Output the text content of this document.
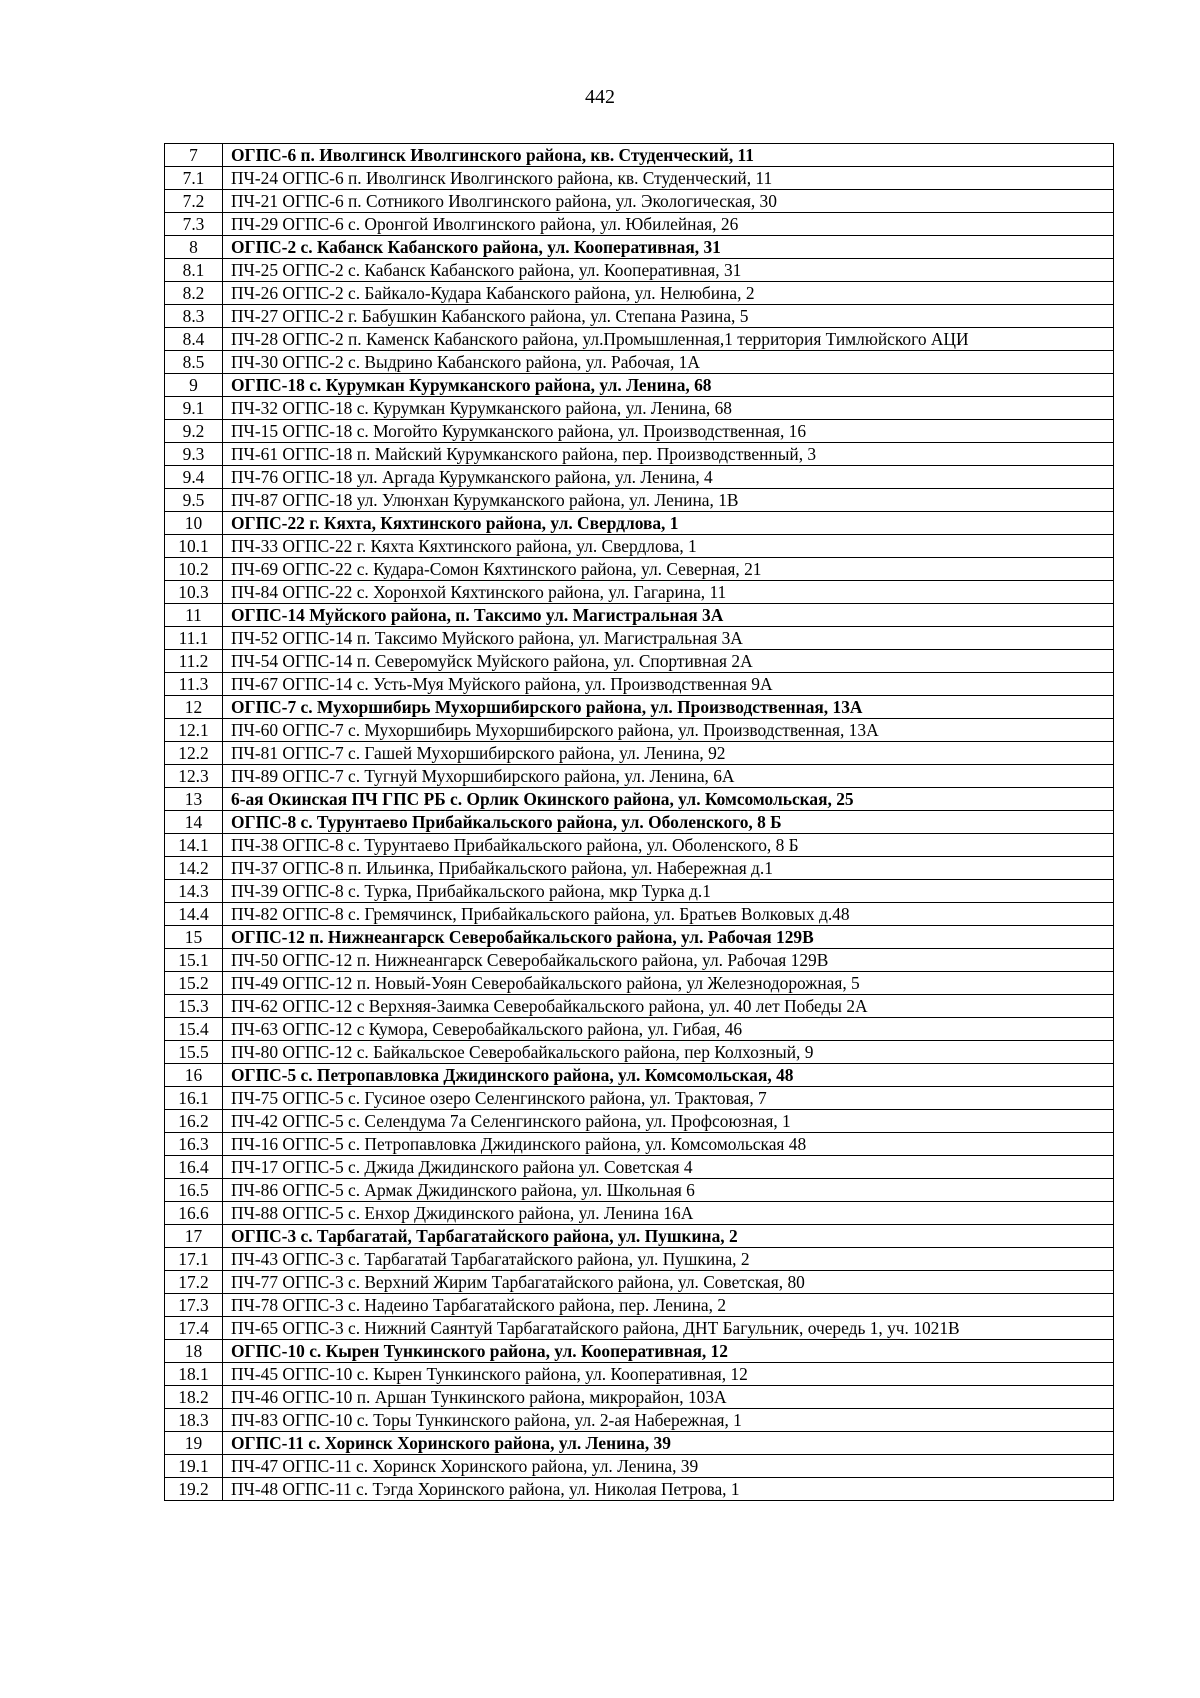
442
7	ОГПС-6 п. Иволгинск Иволгинского района, кв. Студенческий, 11
7.1	ПЧ-24 ОГПС-6 п. Иволгинск Иволгинского района, кв. Студенческий, 11
7.2	ПЧ-21 ОГПС-6 п. Сотникого Иволгинского района, ул. Экологическая, 30
7.3	ПЧ-29 ОГПС-6 с. Оронгой Иволгинского района, ул. Юбилейная, 26
8	ОГПС-2 с. Кабанск Кабанского района, ул. Кооперативная, 31
8.1	ПЧ-25 ОГПС-2 с. Кабанск Кабанского района, ул. Кооперативная, 31
8.2	ПЧ-26 ОГПС-2 с. Байкало-Кудара Кабанского района, ул. Нелюбина, 2
8.3	ПЧ-27 ОГПС-2 г. Бабушкин Кабанского района, ул. Степана Разина, 5
8.4	ПЧ-28 ОГПС-2 п. Каменск Кабанского района, ул.Промышленная,1 территория Тимлюйского АЦИ
8.5	ПЧ-30 ОГПС-2 с. Выдрино Кабанского района, ул. Рабочая, 1А
9	ОГПС-18 с. Курумкан Курумканского района, ул. Ленина, 68
9.1	ПЧ-32 ОГПС-18 с. Курумкан Курумканского района, ул. Ленина, 68
9.2	ПЧ-15 ОГПС-18 с. Могойто Курумканского района, ул. Производственная, 16
9.3	ПЧ-61 ОГПС-18 п. Майский Курумканского района, пер. Производственный, 3
9.4	ПЧ-76 ОГПС-18 ул. Аргада Курумканского района, ул. Ленина, 4
9.5	ПЧ-87 ОГПС-18 ул. Улюнхан Курумканского района, ул. Ленина, 1В
10	ОГПС-22 г. Кяхта, Кяхтинского района, ул. Свердлова, 1
10.1	ПЧ-33 ОГПС-22 г. Кяхта Кяхтинского района, ул. Свердлова, 1
10.2	ПЧ-69 ОГПС-22 с. Кудара-Сомон Кяхтинского района, ул. Северная, 21
10.3	ПЧ-84 ОГПС-22 с. Хоронхой Кяхтинского района, ул. Гагарина, 11
11	ОГПС-14 Муйского района, п. Таксимо ул. Магистральная 3А
11.1	ПЧ-52 ОГПС-14 п. Таксимо Муйского района, ул. Магистральная 3А
11.2	ПЧ-54 ОГПС-14 п. Северомуйск Муйского района, ул. Спортивная 2А
11.3	ПЧ-67 ОГПС-14 с. Усть-Муя Муйского района, ул. Производственная 9А
12	ОГПС-7 с. Мухоршибирь Мухоршибирского района, ул. Производственная, 13А
12.1	ПЧ-60 ОГПС-7 с. Мухоршибирь Мухоршибирского района, ул. Производственная, 13А
12.2	ПЧ-81 ОГПС-7 с. Гашей Мухоршибирского района, ул. Ленина, 92
12.3	ПЧ-89 ОГПС-7 с. Тугнуй Мухоршибирского района, ул. Ленина, 6А
13	6-ая Окинская ПЧ ГПС РБ с. Орлик Окинского района, ул. Комсомольская, 25
14	ОГПС-8 с. Турунтаево Прибайкальского района, ул. Оболенского, 8 Б
14.1	ПЧ-38 ОГПС-8 с. Турунтаево Прибайкальского района, ул. Оболенского, 8 Б
14.2	ПЧ-37 ОГПС-8 п. Ильинка, Прибайкальского района, ул. Набережная д.1
14.3	ПЧ-39 ОГПС-8 с. Турка, Прибайкальского района, мкр Турка д.1
14.4	ПЧ-82 ОГПС-8 с. Гремячинск, Прибайкальского района, ул. Братьев Волковых д.48
15	ОГПС-12 п. Нижнеангарск Северобайкальского района, ул. Рабочая 129В
15.1	ПЧ-50 ОГПС-12 п. Нижнеангарск Северобайкальского района, ул. Рабочая 129В
15.2	ПЧ-49 ОГПС-12 п. Новый-Уоян Северобайкальского района, ул Железнодорожная, 5
15.3	ПЧ-62 ОГПС-12 с Верхняя-Заимка Северобайкальского района, ул. 40 лет Победы 2А
15.4	ПЧ-63 ОГПС-12 с Кумора, Северобайкальского района, ул. Гибая, 46
15.5	ПЧ-80 ОГПС-12 с. Байкальское Северобайкальского района, пер Колхозный, 9
16	ОГПС-5 с. Петропавловка Джидинского района, ул. Комсомольская, 48
16.1	ПЧ-75 ОГПС-5 с. Гусиное озеро Селенгинского района, ул. Трактовая, 7
16.2	ПЧ-42 ОГПС-5 с. Селендума 7а Селенгинского района, ул. Профсоюзная, 1
16.3	ПЧ-16 ОГПС-5 с. Петропавловка Джидинского района, ул. Комсомольская 48
16.4	ПЧ-17 ОГПС-5 с. Джида Джидинского района ул. Советская 4
16.5	ПЧ-86 ОГПС-5 с. Армак Джидинского района, ул. Школьная 6
16.6	ПЧ-88 ОГПС-5 с. Енхор Джидинского района, ул. Ленина 16А
17	ОГПС-3 с. Тарбагатай, Тарбагатайского района, ул. Пушкина, 2
17.1	ПЧ-43 ОГПС-3 с. Тарбагатай Тарбагатайского района, ул. Пушкина, 2
17.2	ПЧ-77 ОГПС-3 с. Верхний Жирим Тарбагатайского района, ул. Советская, 80
17.3	ПЧ-78 ОГПС-3 с. Надеино Тарбагатайского района, пер. Ленина, 2
17.4	ПЧ-65 ОГПС-3 с. Нижний Саянтуй Тарбагатайского района, ДНТ Багульник, очередь 1, уч. 1021В
18	ОГПС-10 с. Кырен Тункинского района, ул. Кооперативная, 12
18.1	ПЧ-45 ОГПС-10 с. Кырен Тункинского района, ул. Кооперативная, 12
18.2	ПЧ-46 ОГПС-10 п. Аршан Тункинского района, микрорайон, 103А
18.3	ПЧ-83 ОГПС-10 с. Торы Тункинского района, ул. 2-ая Набережная, 1
19	ОГПС-11 с. Хоринск Хоринского района, ул. Ленина, 39
19.1	ПЧ-47 ОГПС-11 с. Хоринск Хоринского района, ул. Ленина, 39
19.2	ПЧ-48 ОГПС-11 с. Тэгда Хоринского района, ул. Николая Петрова, 1
